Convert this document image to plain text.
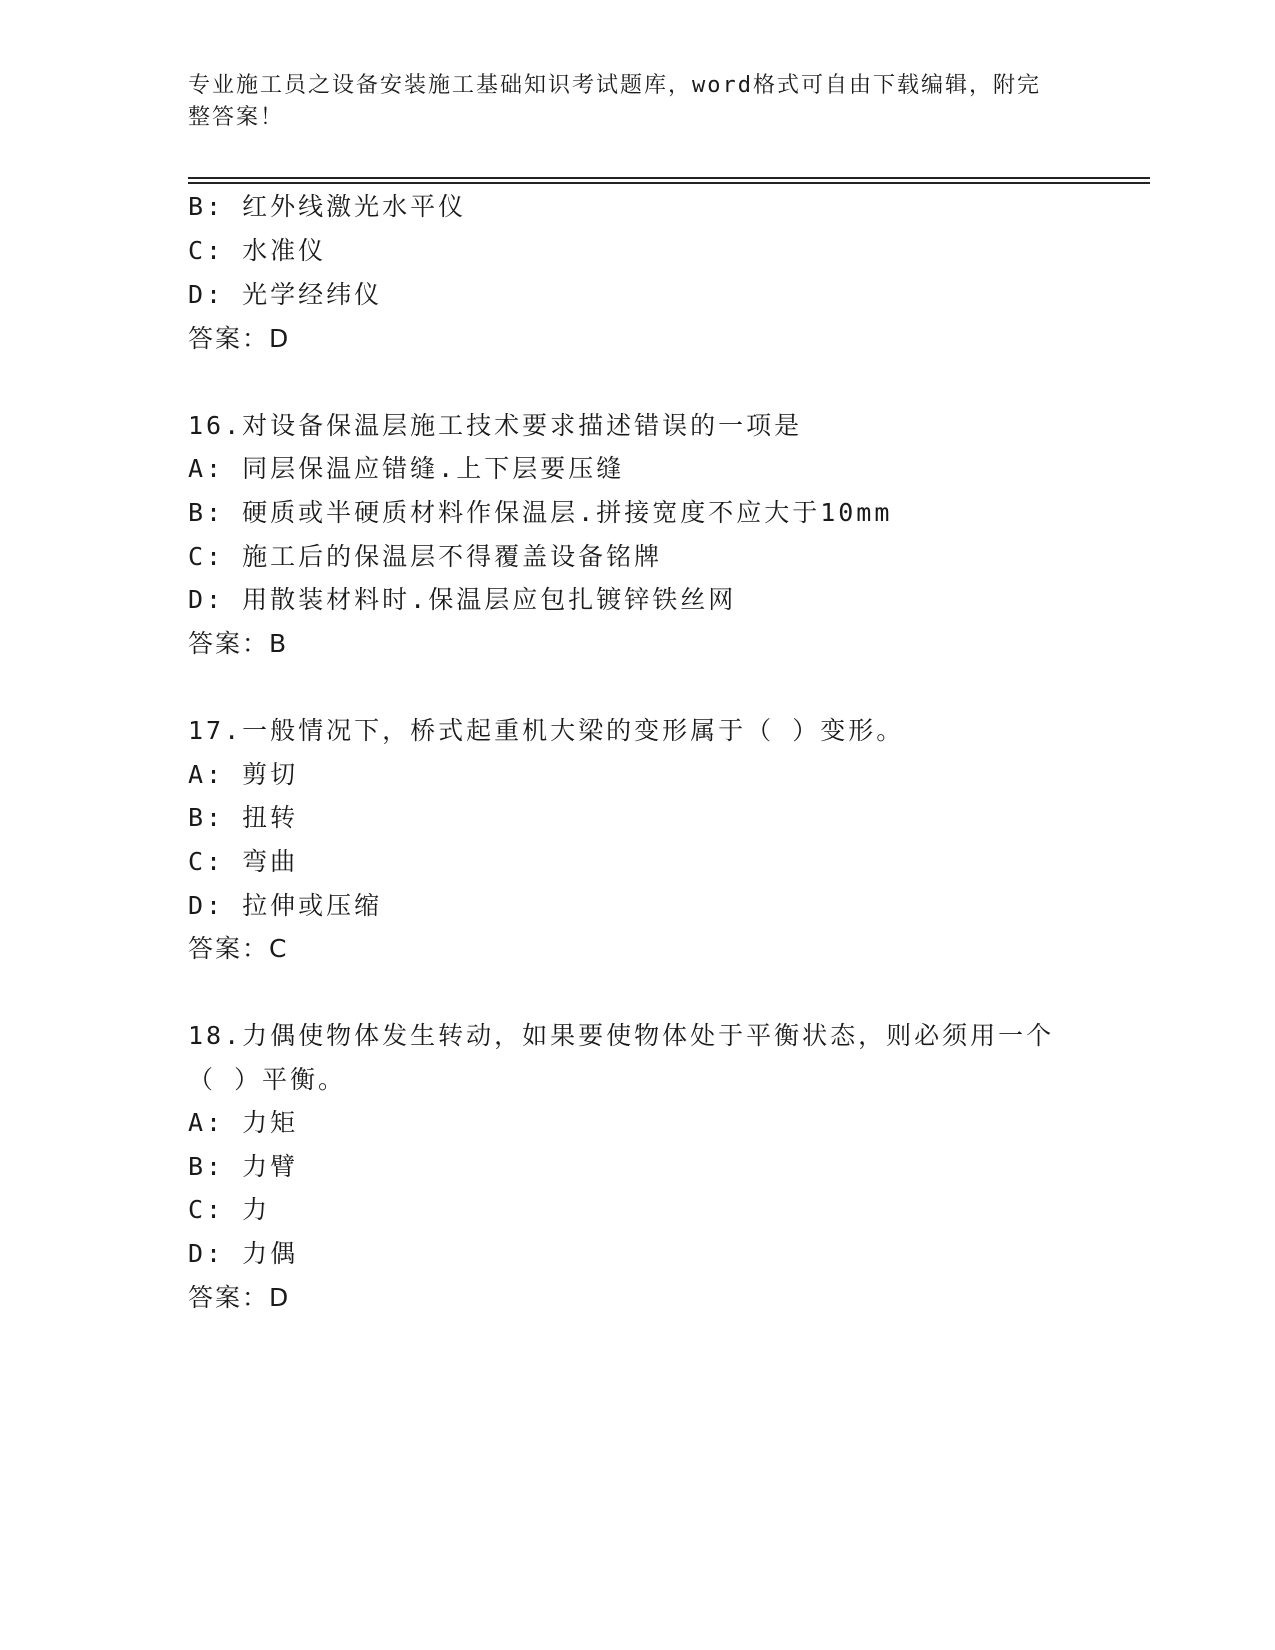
专业施工员之设备安装施工基础知识考试题库，word格式可自由下载编辑，附完
整答案！
B: 红外线激光水平仪
C: 水准仪
D: 光学经纬仪
答案：D
16.对设备保温层施工技术要求描述错误的一项是
A: 同层保温应错缝.上下层要压缝
B: 硬质或半硬质材料作保温层.拼接宽度不应大于10mm
C: 施工后的保温层不得覆盖设备铭牌
D: 用散装材料时.保温层应包扎镀锌铁丝网
答案：B
17.一般情况下，桥式起重机大梁的变形属于（ ）变形。
A: 剪切
B: 扭转
C: 弯曲
D: 拉伸或压缩
答案：C
18.力偶使物体发生转动，如果要使物体处于平衡状态，则必须用一个
（ ）平衡。
A: 力矩
B: 力臂
C: 力
D: 力偶
答案：D
